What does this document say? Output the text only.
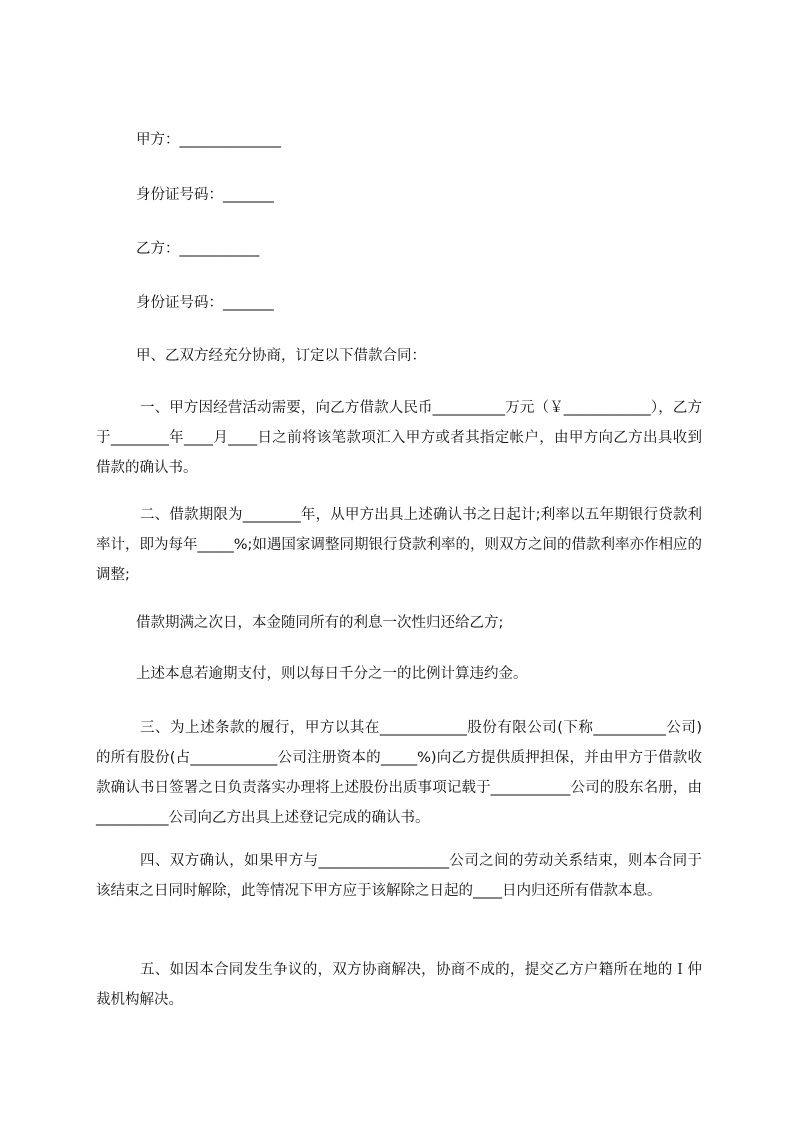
甲方：______________
身份证号码：_______
乙方：___________
身份证号码：_______
甲、乙双方经充分协商，订定以下借款合同：
一、甲方因经营活动需要，向乙方借款人民币__________万元（￥____________），乙方于________年____月____日之前将该笔款项汇入甲方或者其指定帐户，由甲方向乙方出具收到借款的确认书。
二、借款期限为________年，从甲方出具上述确认书之日起计;利率以五年期银行贷款利率计，即为每年_____%;如遇国家调整同期银行贷款利率的，则双方之间的借款利率亦作相应的调整;
借款期满之次日，本金随同所有的利息一次性归还给乙方;
上述本息若逾期支付，则以每日千分之一的比例计算违约金。
三、为上述条款的履行，甲方以其在____________股份有限公司(下称__________公司)的所有股份(占____________公司注册资本的_____%)向乙方提供质押担保，并由甲方于借款收款确认书日签署之日负责落实办理将上述股份出质事项记载于___________公司的股东名册，由__________公司向乙方出具上述登记完成的确认书。
四、双方确认，如果甲方与__________________公司之间的劳动关系结束，则本合同于该结束之日同时解除，此等情况下甲方应于该解除之日起的____日内归还所有借款本息。
五、如因本合同发生争议的，双方协商解决，协商不成的，提交乙方户籍所在地的Ｉ仲裁机构解决。
